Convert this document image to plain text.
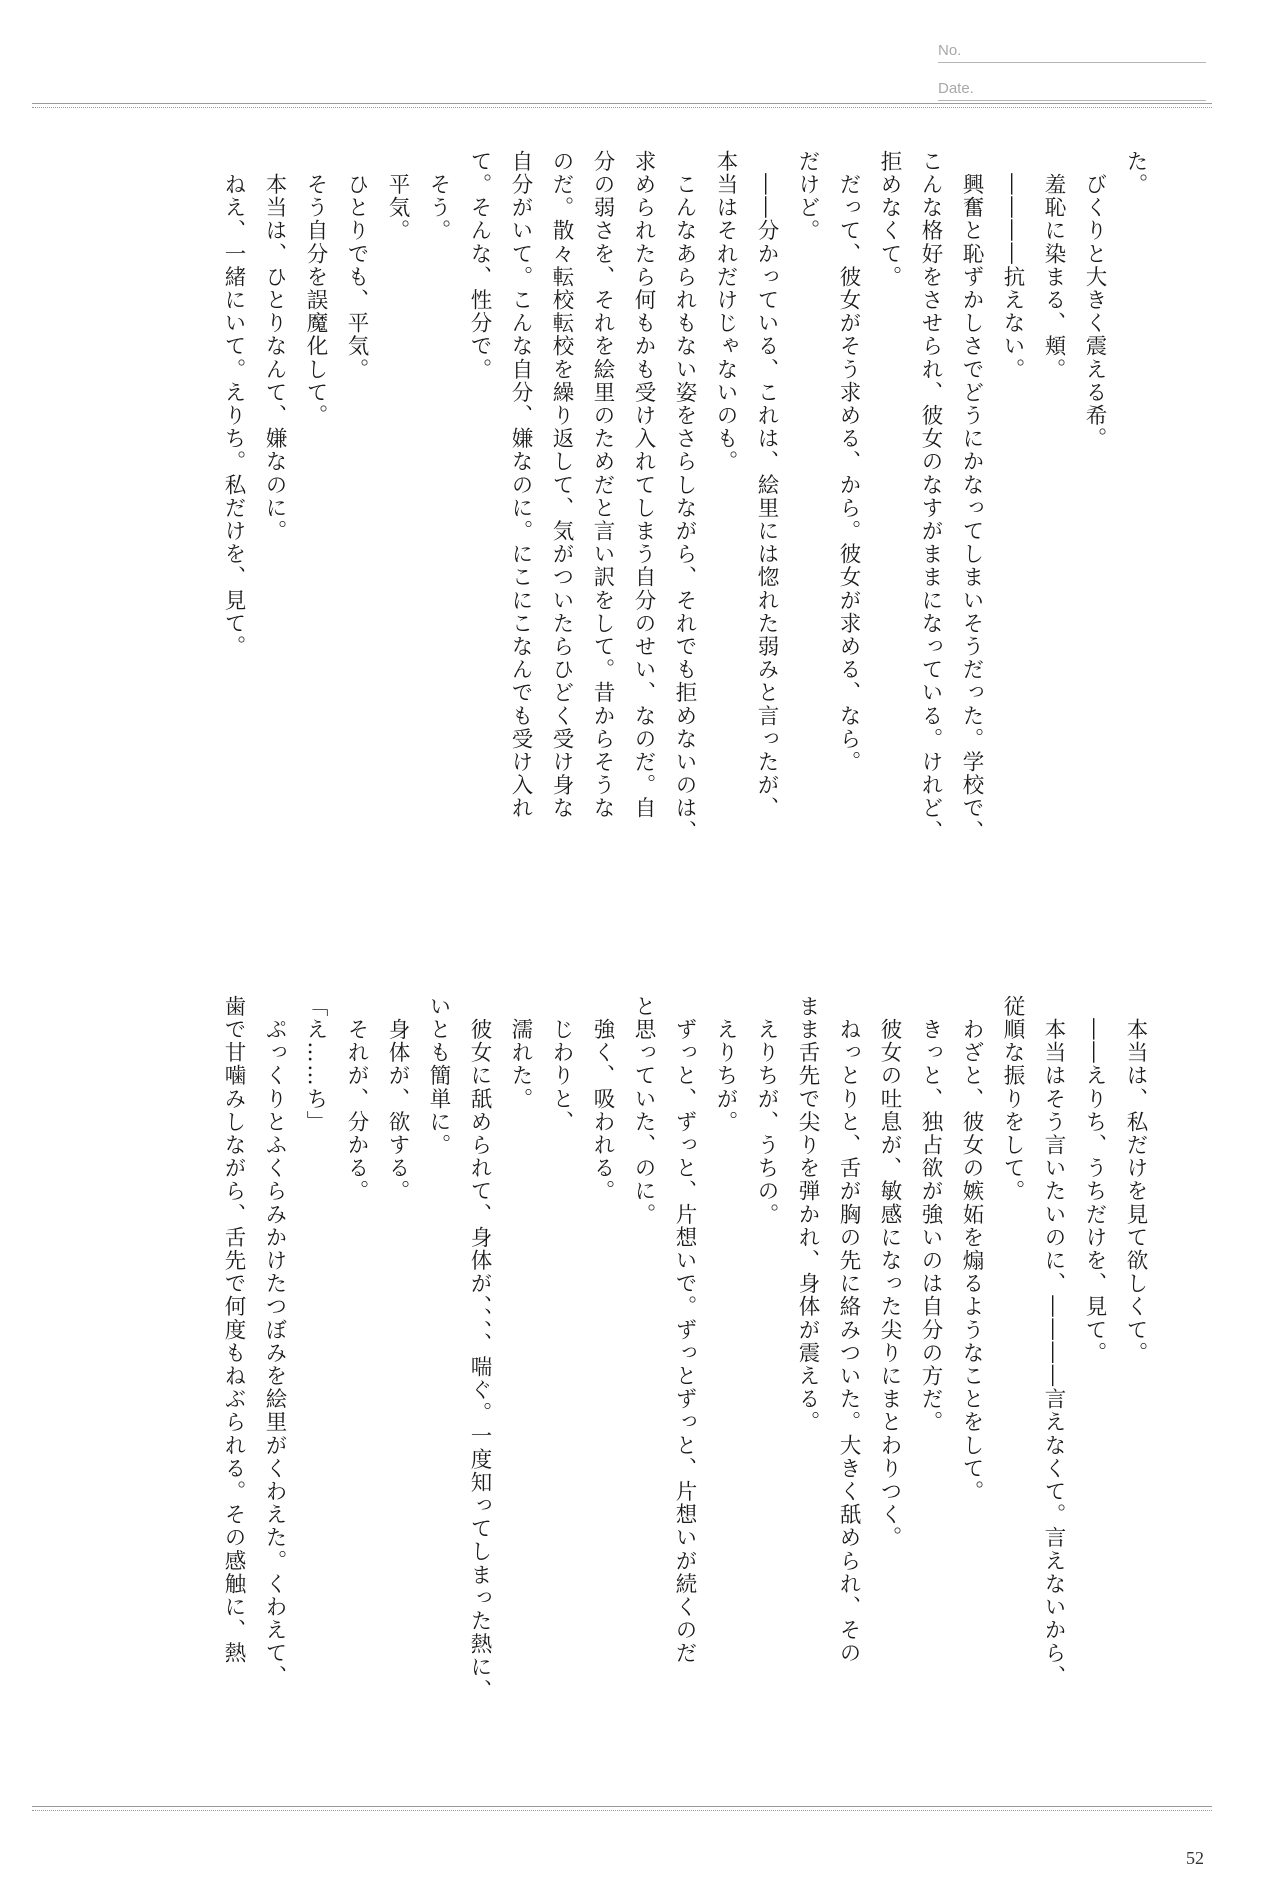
No.
Date.
た。
　びくりと大きく震える希。
　羞恥に染まる、頬。
　――――抗えない。
　興奮と恥ずかしさでどうにかなってしまいそうだった。学校で、
こんな格好をさせられ、彼女のなすがままになっている。けれど、
拒めなくて。
　だって、彼女がそう求める、から。彼女が求める、なら。
だけど。
　――分かっている、これは、絵里には惚れた弱みと言ったが、
本当はそれだけじゃないのも。
　こんなあられもない姿をさらしながら、それでも拒めないのは、
求められたら何もかも受け入れてしまう自分のせい、なのだ。自
分の弱さを、それを絵里のためだと言い訳をして。昔からそうな
のだ。散々転校転校を繰り返して、気がついたらひどく受け身な
自分がいて。こんな自分、嫌なのに。にこにこなんでも受け入れ
て。そんな、性分で。
　そう。
　平気。
　ひとりでも、平気。
　そう自分を誤魔化して。
　本当は、ひとりなんて、嫌なのに。
　ねえ、一緒にいて。えりち。私だけを、見て。
　本当は、私だけを見て欲しくて。
　――えりち、うちだけを、見て。
　本当はそう言いたいのに、――――言えなくて。言えないから、
従順な振りをして。
　わざと、彼女の嫉妬を煽るようなことをして。
　きっと、独占欲が強いのは自分の方だ。
　彼女の吐息が、敏感になった尖りにまとわりつく。
　ねっとりと、舌が胸の先に絡みついた。大きく舐められ、その
まま舌先で尖りを弾かれ、身体が震える。
　えりちが、うちの。
　えりちが。
　ずっと、ずっと、片想いで。ずっとずっと、片想いが続くのだ
と思っていた、のに。
　強く、吸われる。
　じわりと、
　濡れた。
　彼女に舐められて、身体が、、、、喘ぐ。一度知ってしまった熱に、
いとも簡単に。
　身体が、欲する。
　それが、分かる。
「え……ち」
　ぷっくりとふくらみかけたつぼみを絵里がくわえた。くわえて、
歯で甘噛みしながら、舌先で何度もねぶられる。その感触に、熱
52
